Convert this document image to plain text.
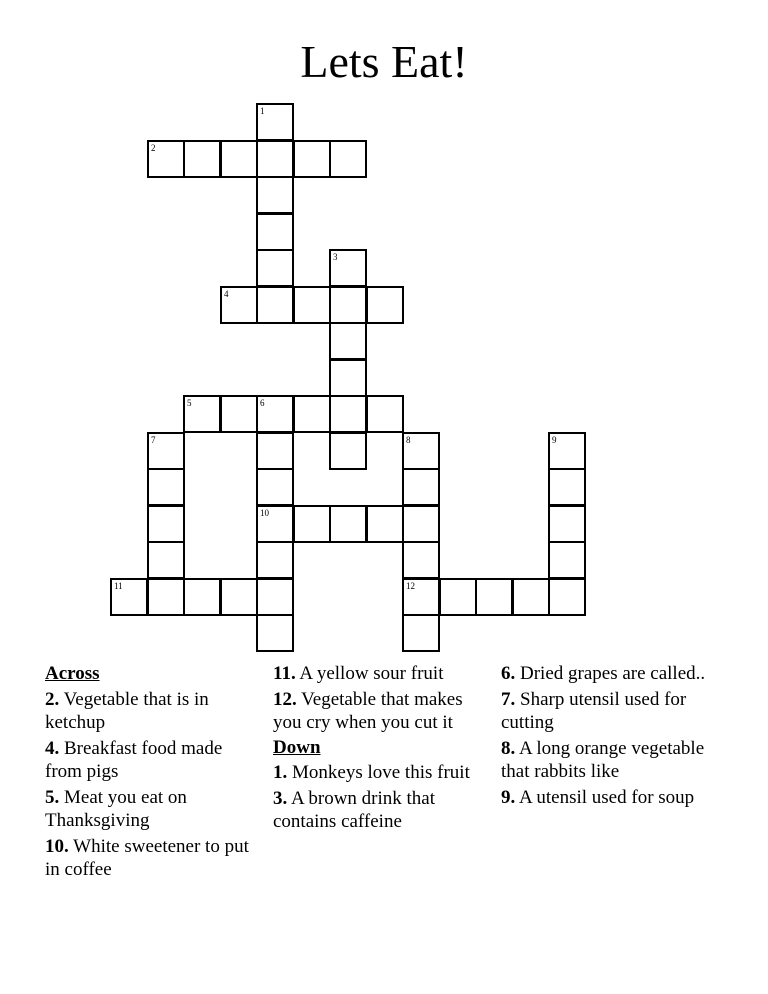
Lets Eat!
1
2
3
4
5	6
10
7	8
12
9
11
Across
2. Vegetable that is in ketchup
4. Breakfast food made from pigs
5. Meat you eat on Thanksgiving
10. White sweetener to put in coffee
11. A yellow sour fruit
12. Vegetable that makes you cry when you cut it
Down
1. Monkeys love this fruit
3. A brown drink that contains caffeine
6. Dried grapes are called..
7. Sharp utensil used for cutting
8. A long orange vegetable that rabbits like
9. A utensil used for soup
